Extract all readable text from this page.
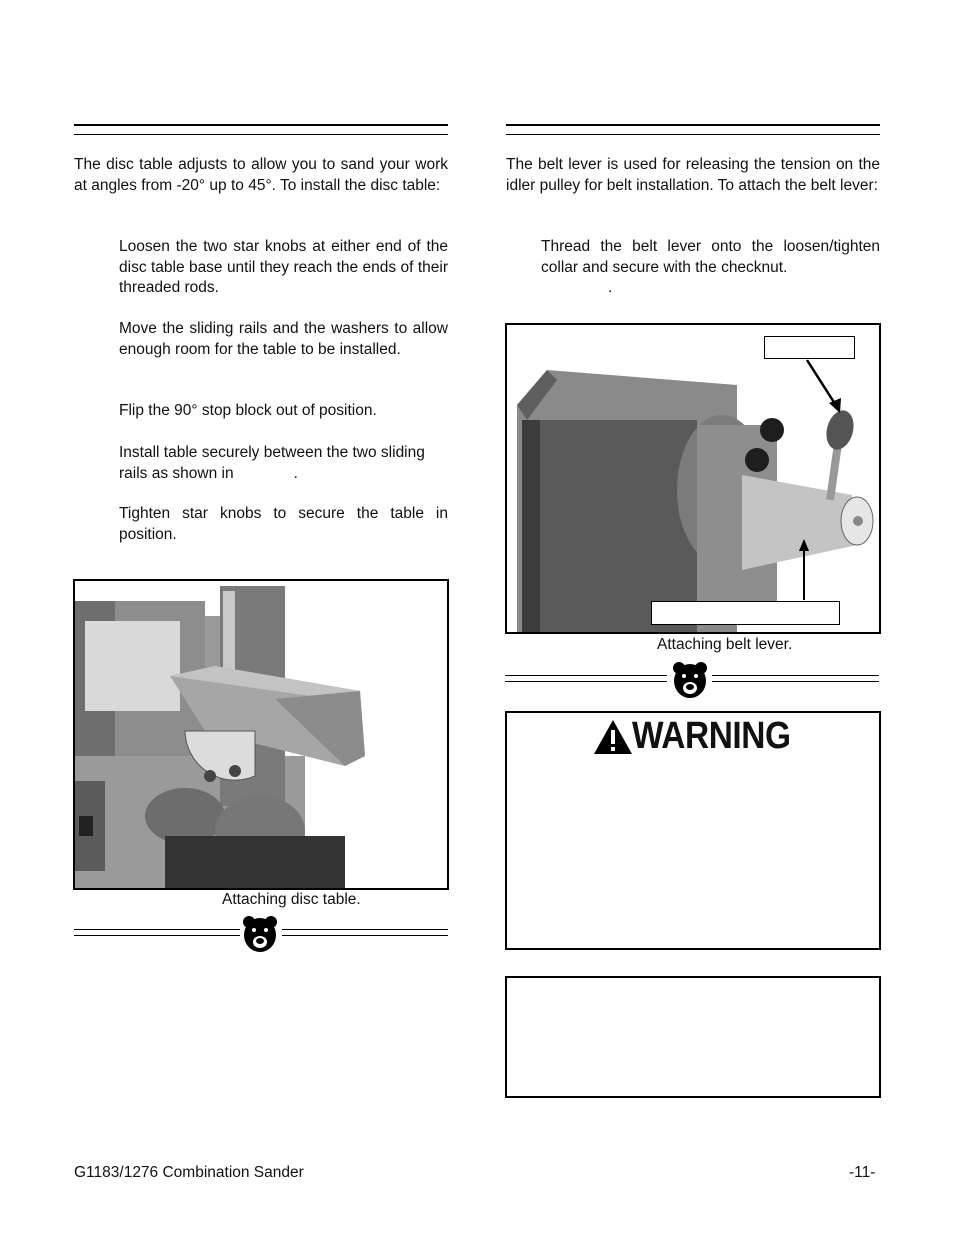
The disc table adjusts to allow you to sand your work at angles from -20° up to 45°. To install the disc table:

Loosen the two star knobs at either end of the disc table base until they reach the ends of their threaded rods.

Move the sliding rails and the washers to allow enough room for the table to be installed.

Flip the 90° stop block out of position.

Install table securely between the two sliding rails as shown in	.

Tighten star knobs to secure the table in position.

Attaching disc table.

The belt lever is used for releasing the tension on the idler pulley for belt installation. To attach the belt lever:

Thread the belt lever onto the loosen/tighten collar and secure with the checknut.

.
Attaching belt lever.
WARNING
G1183/1276 Combination Sander	-11-
